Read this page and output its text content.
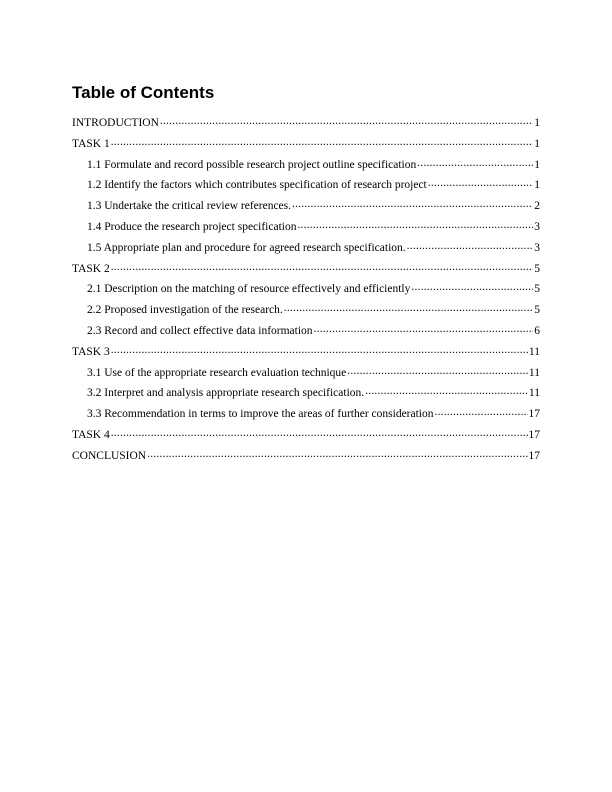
Table of Contents
INTRODUCTION .....	1
TASK 1 .....	1
1.1 Formulate and record possible research project outline specification .....	1
1.2 Identify the factors which contributes specification of research project .....	1
1.3 Undertake the critical review references. .....	2
1.4 Produce the research project specification .....	3
1.5 Appropriate plan and procedure for agreed research specification. .....	3
TASK 2 .....	5
2.1 Description on the matching of resource effectively and efficiently .....	5
2.2 Proposed investigation of the research. .....	5
2.3 Record and collect effective data information .....	6
TASK 3 .....	11
3.1 Use of the appropriate research evaluation technique .....	11
3.2 Interpret and analysis appropriate research specification. .....	11
3.3 Recommendation in terms to improve the areas of further consideration .....	17
TASK 4 .....	17
CONCLUSION .....	17
